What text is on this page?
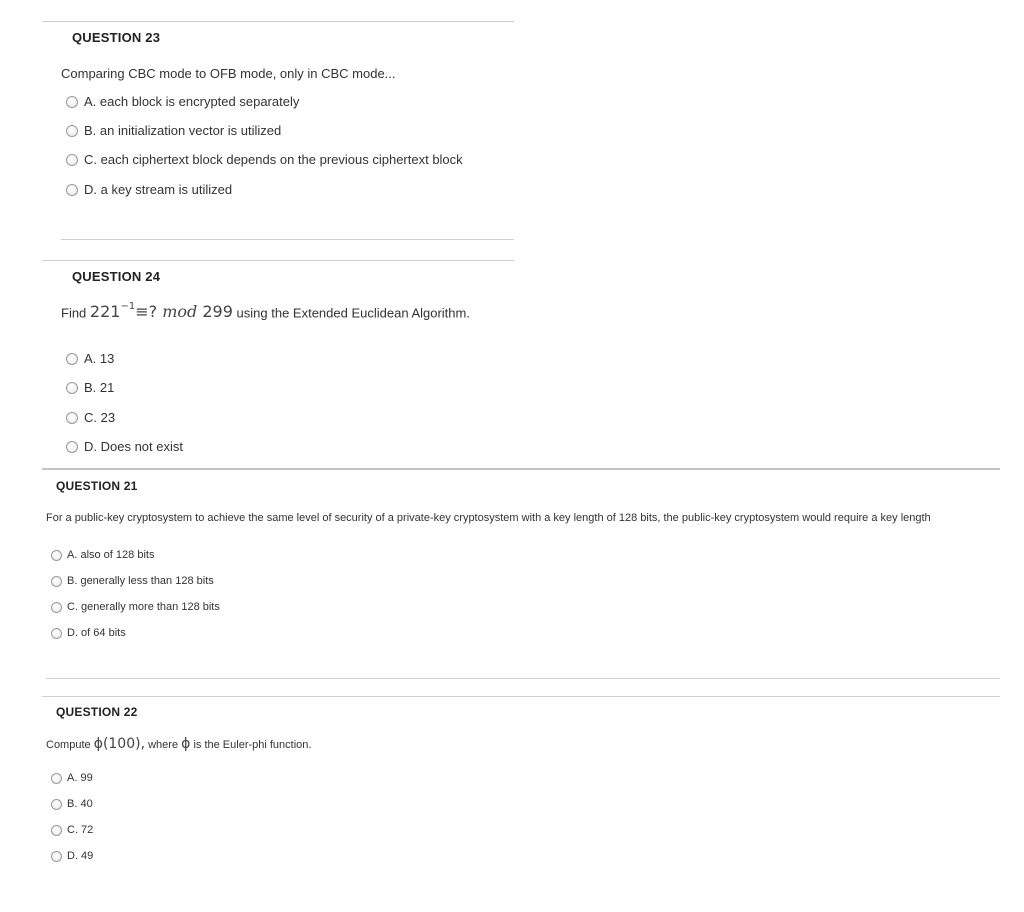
QUESTION 23
Comparing CBC mode to OFB mode, only in CBC mode...
A. each block is encrypted separately
B. an initialization vector is utilized
C. each ciphertext block depends on the previous ciphertext block
D. a key stream is utilized
QUESTION 24
Find $221^{-1}\equiv$? mod 299 using the Extended Euclidean Algorithm.
A. 13
B. 21
C. 23
D. Does not exist
QUESTION 21
For a public-key cryptosystem to achieve the same level of security of a private-key cryptosystem with a key length of 128 bits, the public-key cryptosystem would require a key length
A. also of 128 bits
B. generally less than 128 bits
C. generally more than 128 bits
D. of 64 bits
QUESTION 22
Compute ϕ(100), where ϕ is the Euler-phi function.
A. 99
B. 40
C. 72
D. 49
